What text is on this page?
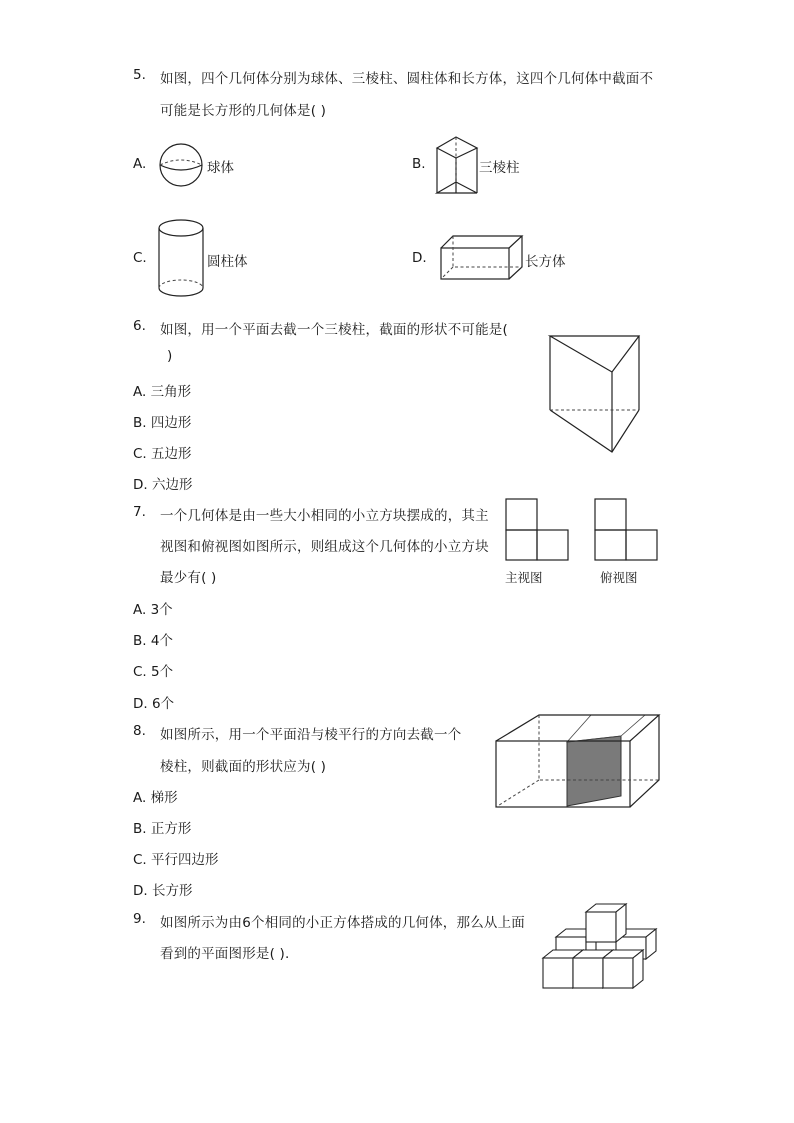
5. 如图，四个几何体分别为球体、三棱柱、圆柱体和长方体，这四个几何体中截面不
可能是长方形的几何体是( )
A.	球体	B.	三棱柱
C.	圆柱体	D.	长方体
6. 如图，用一个平面去截一个三棱柱，截面的形状不可能是(
)
A. 三角形
B. 四边形
C. 五边形
D. 六边形
7. 一个几何体是由一些大小相同的小立方块摆成的，其主
视图和俯视图如图所示，则组成这个几何体的小立方块
最少有( )	主视图	俯视图
A. 3个
B. 4个
C. 5个
D. 6个
8. 如图所示，用一个平面沿与棱平行的方向去截一个
棱柱，则截面的形状应为( )
A. 梯形
B. 正方形
C. 平行四边形
D. 长方形
9. 如图所示为由6个相同的小正方体搭成的几何体，那么从上面
看到的平面图形是( ).
